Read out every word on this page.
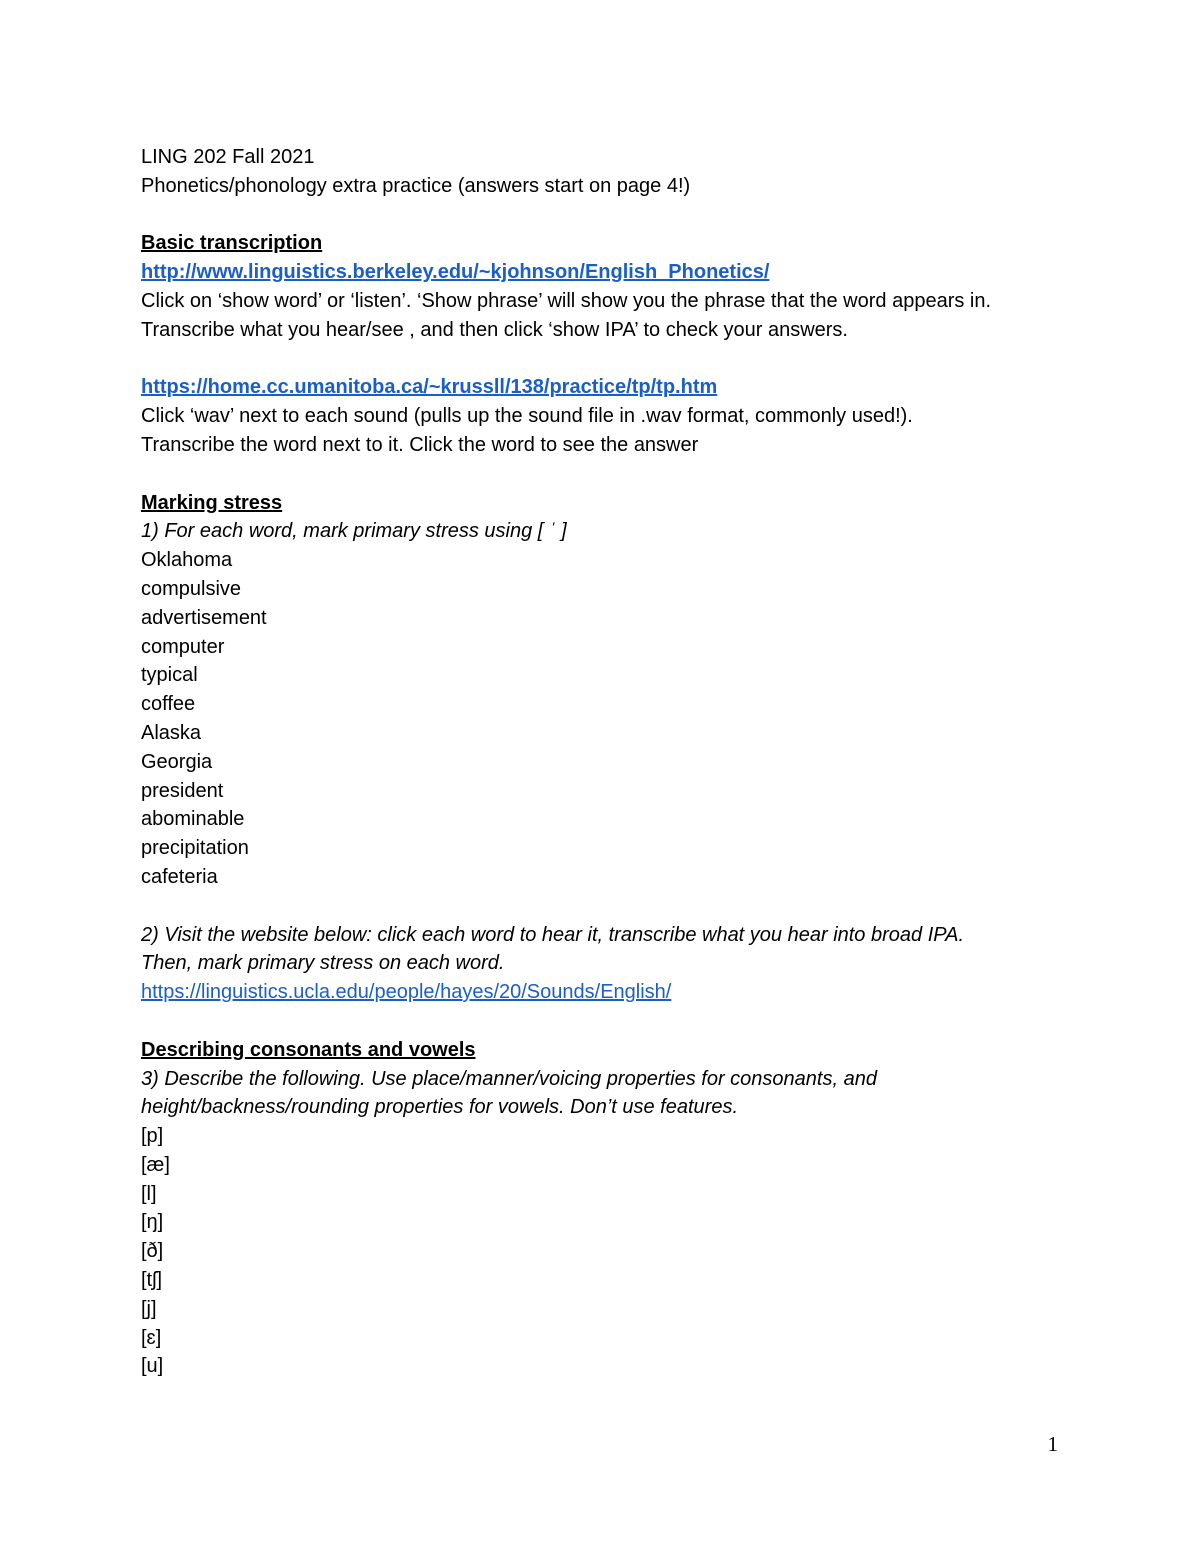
LING 202 Fall 2021
Phonetics/phonology extra practice (answers start on page 4!)
Basic transcription
http://www.linguistics.berkeley.edu/~kjohnson/English_Phonetics/
Click on ‘show word’ or ‘listen’. ‘Show phrase’ will show you the phrase that the word appears in. Transcribe what you hear/see , and then click ‘show IPA’ to check your answers.
https://home.cc.umanitoba.ca/~krussll/138/practice/tp/tp.htm
Click ‘wav’ next to each sound (pulls up the sound file in .wav format, commonly used!).
Transcribe the word next to it. Click the word to see the answer
Marking stress
1) For each word, mark primary stress using [ ˈ ]
Oklahoma
compulsive
advertisement
computer
typical
coffee
Alaska
Georgia
president
abominable
precipitation
cafeteria
2) Visit the website below: click each word to hear it, transcribe what you hear into broad IPA.
Then, mark primary stress on each word.
https://linguistics.ucla.edu/people/hayes/20/Sounds/English/
Describing consonants and vowels
3) Describe the following. Use place/manner/voicing properties for consonants, and
height/backness/rounding properties for vowels. Don’t use features.
[p]
[æ]
[l]
[ŋ]
[ð]
[tʃ]
[j]
[ɛ]
[u]
1
